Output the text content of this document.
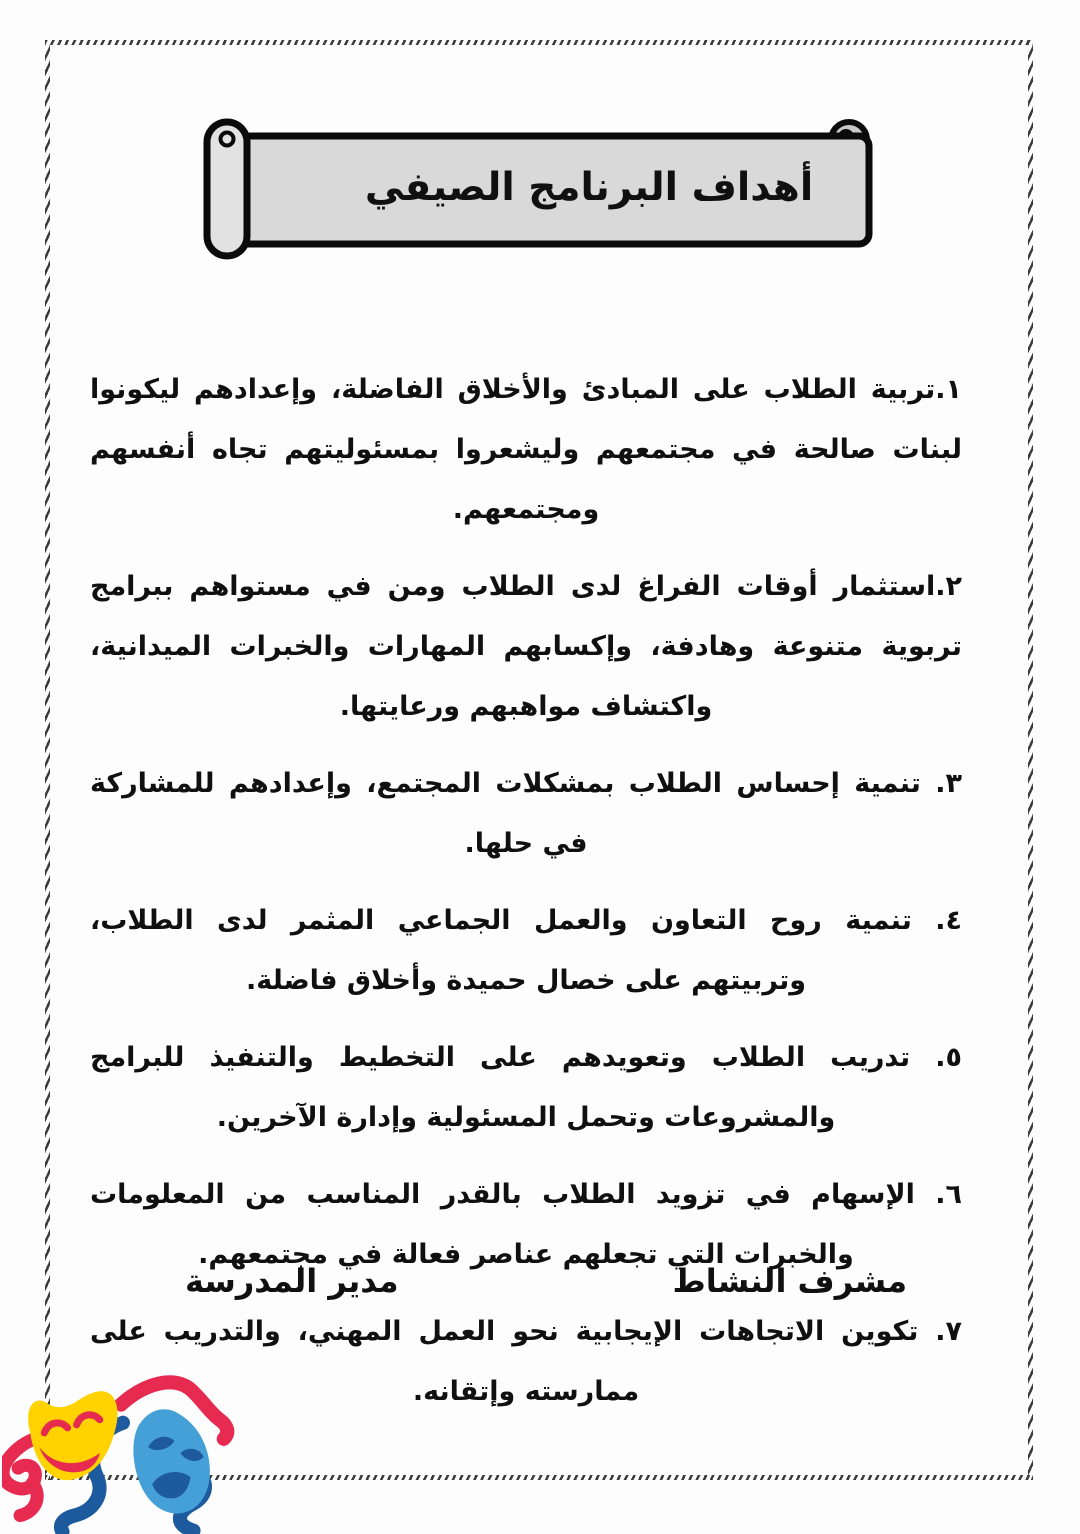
أهداف البرنامج الصيفي

١.تربية الطلاب على المبادئ والأخلاق الفاضلة، وإعدادهم ليكونوا لبنات صالحة في مجتمعهم وليشعروا بمسئوليتهم تجاه أنفسهم ومجتمعهم.

٢.استثمار أوقات الفراغ لدى الطلاب ومن في مستواهم ببرامج تربوية متنوعة وهادفة، وإكسابهم المهارات والخبرات الميدانية، واكتشاف مواهبهم ورعايتها.

٣. تنمية إحساس الطلاب بمشكلات المجتمع، وإعدادهم للمشاركة في حلها.

٤. تنمية روح التعاون والعمل الجماعي المثمر لدى الطلاب، وتربيتهم على خصال حميدة وأخلاق فاضلة.

٥. تدريب الطلاب وتعويدهم على التخطيط والتنفيذ للبرامج والمشروعات وتحمل المسئولية وإدارة الآخرين.

٦. الإسهام في تزويد الطلاب بالقدر المناسب من المعلومات والخبرات التي تجعلهم عناصر فعالة في مجتمعهم.

٧. تكوين الاتجاهات الإيجابية نحو العمل المهني، والتدريب على ممارسته وإتقانه.

مشرف النشاط
مدير المدرسة
